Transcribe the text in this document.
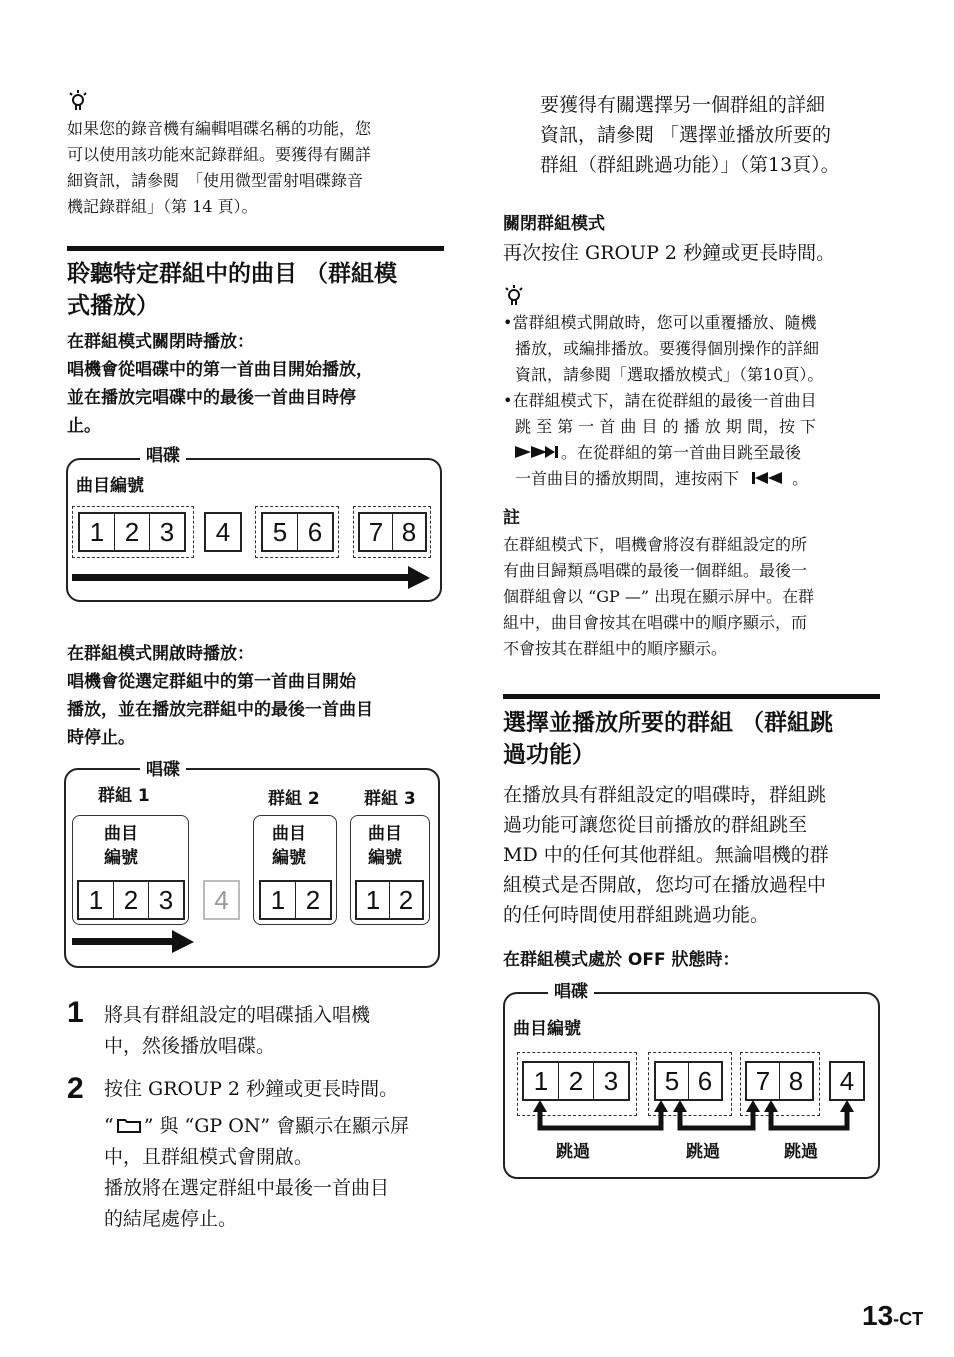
如果您的錄音機有編輯唱碟名稱的功能，您
可以使用該功能來記錄群組。要獲得有關詳
細資訊，請參閱　「使用微型雷射唱碟錄音
機記錄群組」（第 14 頁）。
聆聽特定群組中的曲目 （群組模
式播放）
在群組模式關閉時播放：
唱機會從唱碟中的第一首曲目開始播放，
並在播放完唱碟中的最後一首曲目時停
止。
唱碟
曲目編號
1 2 3	4	5 6	7 8
在群組模式開啟時播放：
唱機會從選定群組中的第一首曲目開始
播放，並在播放完群組中的最後一首曲目
時停止。
唱碟
群組 1	群組 2	群組 3
曲目
編號
1 2 3	4
曲目
編號
1 2
曲目
編號
1 2
1 將具有群組設定的唱碟插入唱機
中，然後播放唱碟。
2 按住 GROUP 2 秒鐘或更長時間。
“ ” 與 “GP ON” 會顯示在顯示屏
中，且群組模式會開啟。
播放將在選定群組中最後一首曲目
的結尾處停止。
要獲得有關選擇另一個群組的詳細
資訊，請參閱 「選擇並播放所要的
群組（群組跳過功能）」（第13頁）。
關閉群組模式
再次按住 GROUP 2 秒鐘或更長時間。
•當群組模式開啟時，您可以重覆播放、隨機
播放，或編排播放。要獲得個別操作的詳細
資訊，請參閱「選取播放模式」（第10頁）。
•在群組模式下，請在從群組的最後一首曲目
跳 至 第 一 首 曲 目 的 播 放 期 間，按 下
。在從群組的第一首曲目跳至最後
一首曲目的播放期間，連按兩下	。
註
在群組模式下，唱機會將沒有群組設定的所
有曲目歸類爲唱碟的最後一個群組。最後一
個群組會以 “GP —” 出現在顯示屏中。在群
組中，曲目會按其在唱碟中的順序顯示，而
不會按其在群組中的順序顯示。
選擇並播放所要的群組 （群組跳
過功能）
在播放具有群組設定的唱碟時，群組跳
過功能可讓您從目前播放的群組跳至
MD 中的任何其他群組。無論唱機的群
組模式是否開啟，您均可在播放過程中
的任何時間使用群組跳過功能。
在群組模式處於 OFF 狀態時：
唱碟
曲目編號
1 2 3	5 6	7 8	4
跳過	跳過	跳過
13-CT
